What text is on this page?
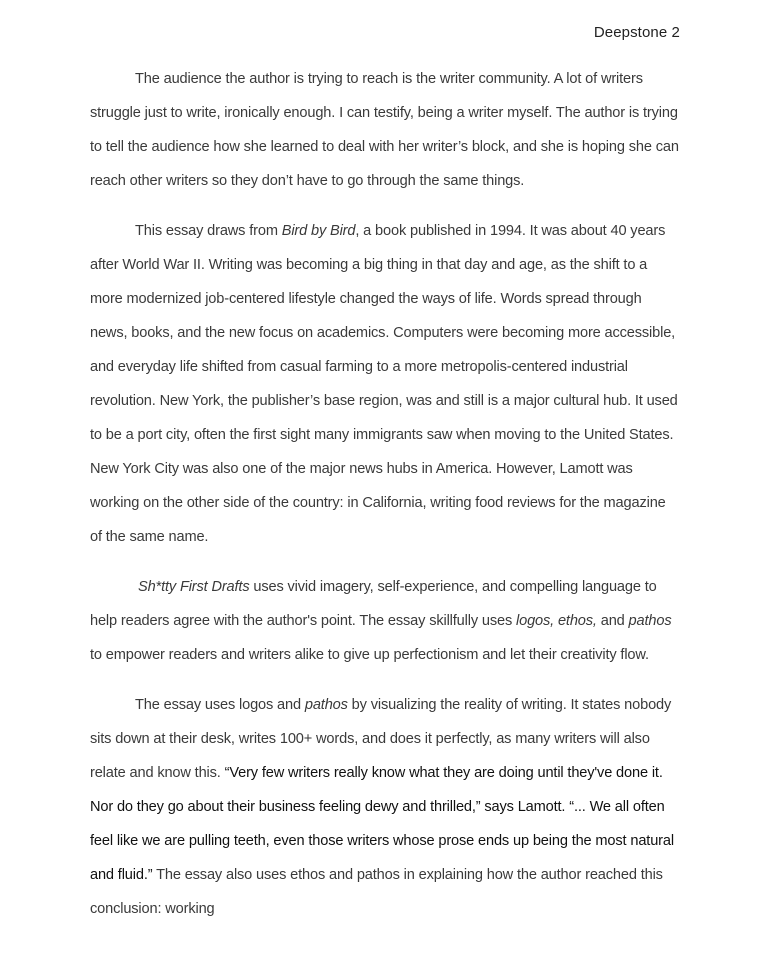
Deepstone 2

The audience the author is trying to reach is the writer community. A lot of writers struggle just to write, ironically enough. I can testify, being a writer myself. The author is trying to tell the audience how she learned to deal with her writer’s block, and she is hoping she can reach other writers so they don’t have to go through the same things.

This essay draws from Bird by Bird, a book published in 1994. It was about 40 years after World War II. Writing was becoming a big thing in that day and age, as the shift to a more modernized job-centered lifestyle changed the ways of life. Words spread through news, books, and the new focus on academics. Computers were becoming more accessible, and everyday life shifted from casual farming to a more metropolis-centered industrial revolution. New York, the publisher’s base region, was and still is a major cultural hub. It used to be a port city, often the first sight many immigrants saw when moving to the United States. New York City was also one of the major news hubs in America. However, Lamott was working on the other side of the country: in California, writing food reviews for the magazine of the same name.

Sh*tty First Drafts uses vivid imagery, self-experience, and compelling language to help readers agree with the author's point. The essay skillfully uses logos, ethos, and pathos to empower readers and writers alike to give up perfectionism and let their creativity flow.

The essay uses logos and pathos by visualizing the reality of writing. It states nobody sits down at their desk, writes 100+ words, and does it perfectly, as many writers will also relate and know this. “Very few writers really know what they are doing until they've done it. Nor do they go about their business feeling dewy and thrilled,” says Lamott. “... We all often feel like we are pulling teeth, even those writers whose prose ends up being the most natural and fluid.” The essay also uses ethos and pathos in explaining how the author reached this conclusion: working
